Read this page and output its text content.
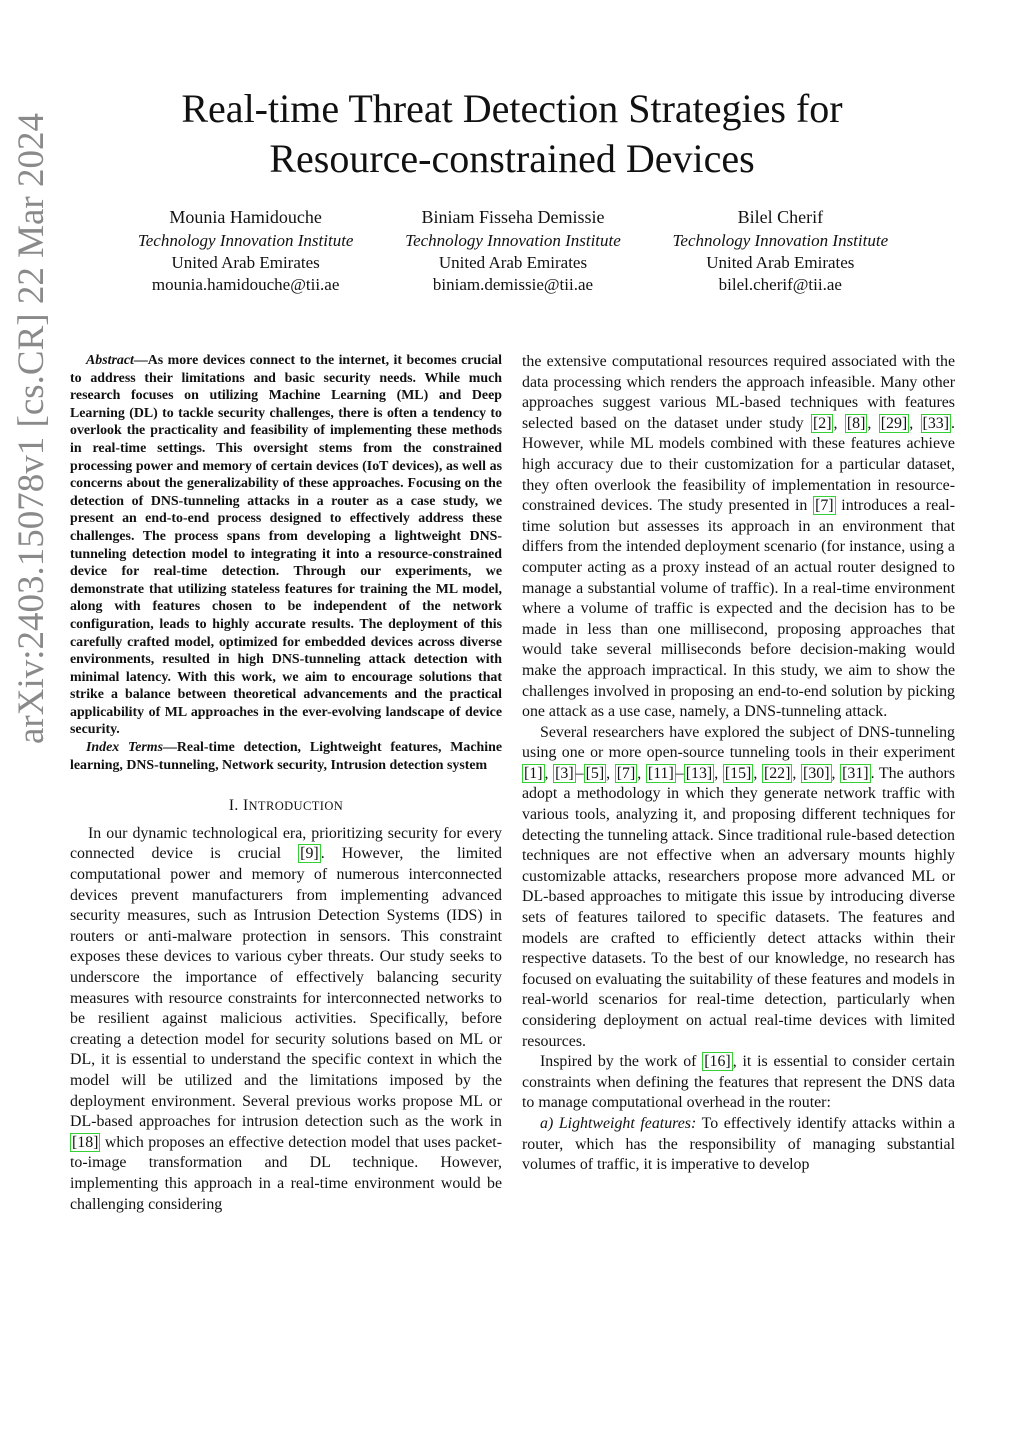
arXiv:2403.15078v1 [cs.CR] 22 Mar 2024
Real-time Threat Detection Strategies for
Resource-constrained Devices
Mounia Hamidouche
Technology Innovation Institute
United Arab Emirates
mounia.hamidouche@tii.ae
Biniam Fisseha Demissie
Technology Innovation Institute
United Arab Emirates
biniam.demissie@tii.ae
Bilel Cherif
Technology Innovation Institute
United Arab Emirates
bilel.cherif@tii.ae

Abstract—As more devices connect to the internet, it becomes crucial to address their limitations and basic security needs. While much research focuses on utilizing Machine Learning (ML) and Deep Learning (DL) to tackle security challenges, there is often a tendency to overlook the practicality and feasibility of implementing these methods in real-time settings. This oversight stems from the constrained processing power and memory of certain devices (IoT devices), as well as concerns about the generalizability of these approaches. Focusing on the detection of DNS-tunneling attacks in a router as a case study, we present an end-to-end process designed to effectively address these challenges. The process spans from developing a lightweight DNS-tunneling detection model to integrating it into a resource-constrained device for real-time detection. Through our experiments, we demonstrate that utilizing stateless features for training the ML model, along with features chosen to be independent of the network configuration, leads to highly accurate results. The deployment of this carefully crafted model, optimized for embedded devices across diverse environments, resulted in high DNS-tunneling attack detection with minimal latency. With this work, we aim to encourage solutions that strike a balance between theoretical advancements and the practical applicability of ML approaches in the ever-evolving landscape of device security.

Index Terms—Real-time detection, Lightweight features, Machine learning, DNS-tunneling, Network security, Intrusion detection system

I. INTRODUCTION

In our dynamic technological era, prioritizing security for every connected device is crucial [9] . However, the limited computational power and memory of numerous interconnected devices prevent manufacturers from implementing advanced security measures, such as Intrusion Detection Systems (IDS) in routers or anti-malware protection in sensors. This constraint exposes these devices to various cyber threats. Our study seeks to underscore the importance of effectively balancing security measures with resource constraints for interconnected networks to be resilient against malicious activities. Specifically, before creating a detection model for security solutions based on ML or DL, it is essential to understand the specific context in which the model will be utilized and the limitations imposed by the deployment environment. Several previous works propose ML or DL-based approaches for intrusion detection such as the work in [18] which proposes an effective detection model that uses packet-to-image transformation and DL technique. However, implementing this approach in a real-time environment would be challenging considering

the extensive computational resources required associated with the data processing which renders the approach infeasible. Many other approaches suggest various ML-based techniques with features selected based on the dataset under study [2] , [8] , [29] , [33] . However, while ML models combined with these features achieve high accuracy due to their customization for a particular dataset, they often overlook the feasibility of implementation in resource-constrained devices. The study presented in [7] introduces a real-time solution but assesses its approach in an environment that differs from the intended deployment scenario (for instance, using a computer acting as a proxy instead of an actual router designed to manage a substantial volume of traffic). In a real-time environment where a volume of traffic is expected and the decision has to be made in less than one millisecond, proposing approaches that would take several milliseconds before decision-making would make the approach impractical. In this study, we aim to show the challenges involved in proposing an end-to-end solution by picking one attack as a use case, namely, a DNS-tunneling attack.

Several researchers have explored the subject of DNS-tunneling using one or more open-source tunneling tools in their experiment [1] , [3] – [5] , [7] , [11] – [13] , [15] , [22] , [30] , [31] . The authors adopt a methodology in which they generate network traffic with various tools, analyzing it, and proposing different techniques for detecting the tunneling attack. Since traditional rule-based detection techniques are not effective when an adversary mounts highly customizable attacks, researchers propose more advanced ML or DL-based approaches to mitigate this issue by introducing diverse sets of features tailored to specific datasets. The features and models are crafted to efficiently detect attacks within their respective datasets. To the best of our knowledge, no research has focused on evaluating the suitability of these features and models in real-world scenarios for real-time detection, particularly when considering deployment on actual real-time devices with limited resources.

Inspired by the work of [16] , it is essential to consider certain constraints when defining the features that represent the DNS data to manage computational overhead in the router:

a) Lightweight features: To effectively identify attacks within a router, which has the responsibility of managing substantial volumes of traffic, it is imperative to develop
